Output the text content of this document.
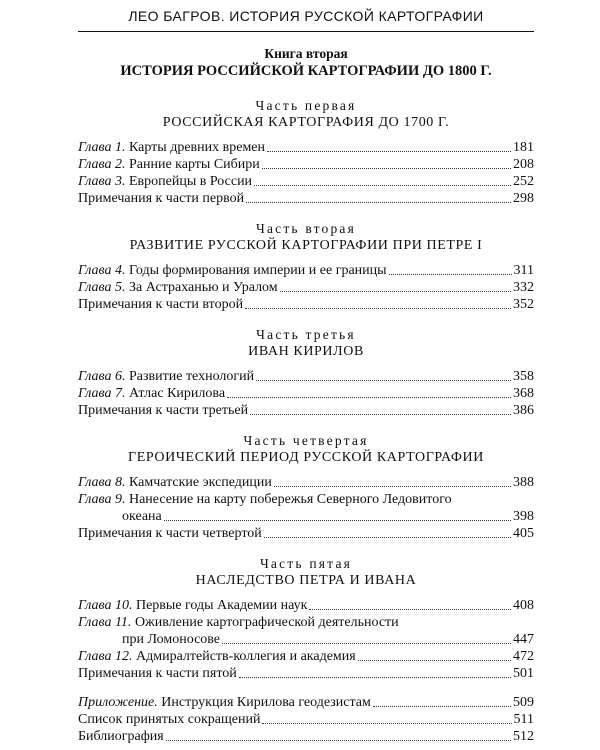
ЛЕО БАГРОВ. ИСТОРИЯ РУССКОЙ КАРТОГРАФИИ
Книга вторая
ИСТОРИЯ РОССИЙСКОЙ КАРТОГРАФИИ ДО 1800 Г.
Часть первая
РОССИЙСКАЯ КАРТОГРАФИЯ ДО 1700 Г.
Глава 1. Карты древних времен	181
Глава 2. Ранние карты Сибири	208
Глава 3. Европейцы в России	252
Примечания к части первой	298
Часть вторая
РАЗВИТИЕ РУССКОЙ КАРТОГРАФИИ ПРИ ПЕТРЕ I
Глава 4. Годы формирования империи и ее границы	311
Глава 5. За Астраханью и Уралом	332
Примечания к части второй	352
Часть третья
ИВАН КИРИЛОВ
Глава 6. Развитие технологий	358
Глава 7. Атлас Кирилова	368
Примечания к части третьей	386
Часть четвертая
ГЕРОИЧЕСКИЙ ПЕРИОД РУССКОЙ КАРТОГРАФИИ
Глава 8. Камчатские экспедиции	388
Глава 9. Нанесение на карту побережья Северного Ледовитого
океана	398
Примечания к части четвертой	405
Часть пятая
НАСЛЕДСТВО ПЕТРА И ИВАНА
Глава 10. Первые годы Академии наук	408
Глава 11. Оживление картографической деятельности
при Ломоносове	447
Глава 12. Адмиралтейств-коллегия и академия	472
Примечания к части пятой	501
Приложение. Инструкция Кирилова геодезистам	509
Список принятых сокращений	511
Библиография	512
